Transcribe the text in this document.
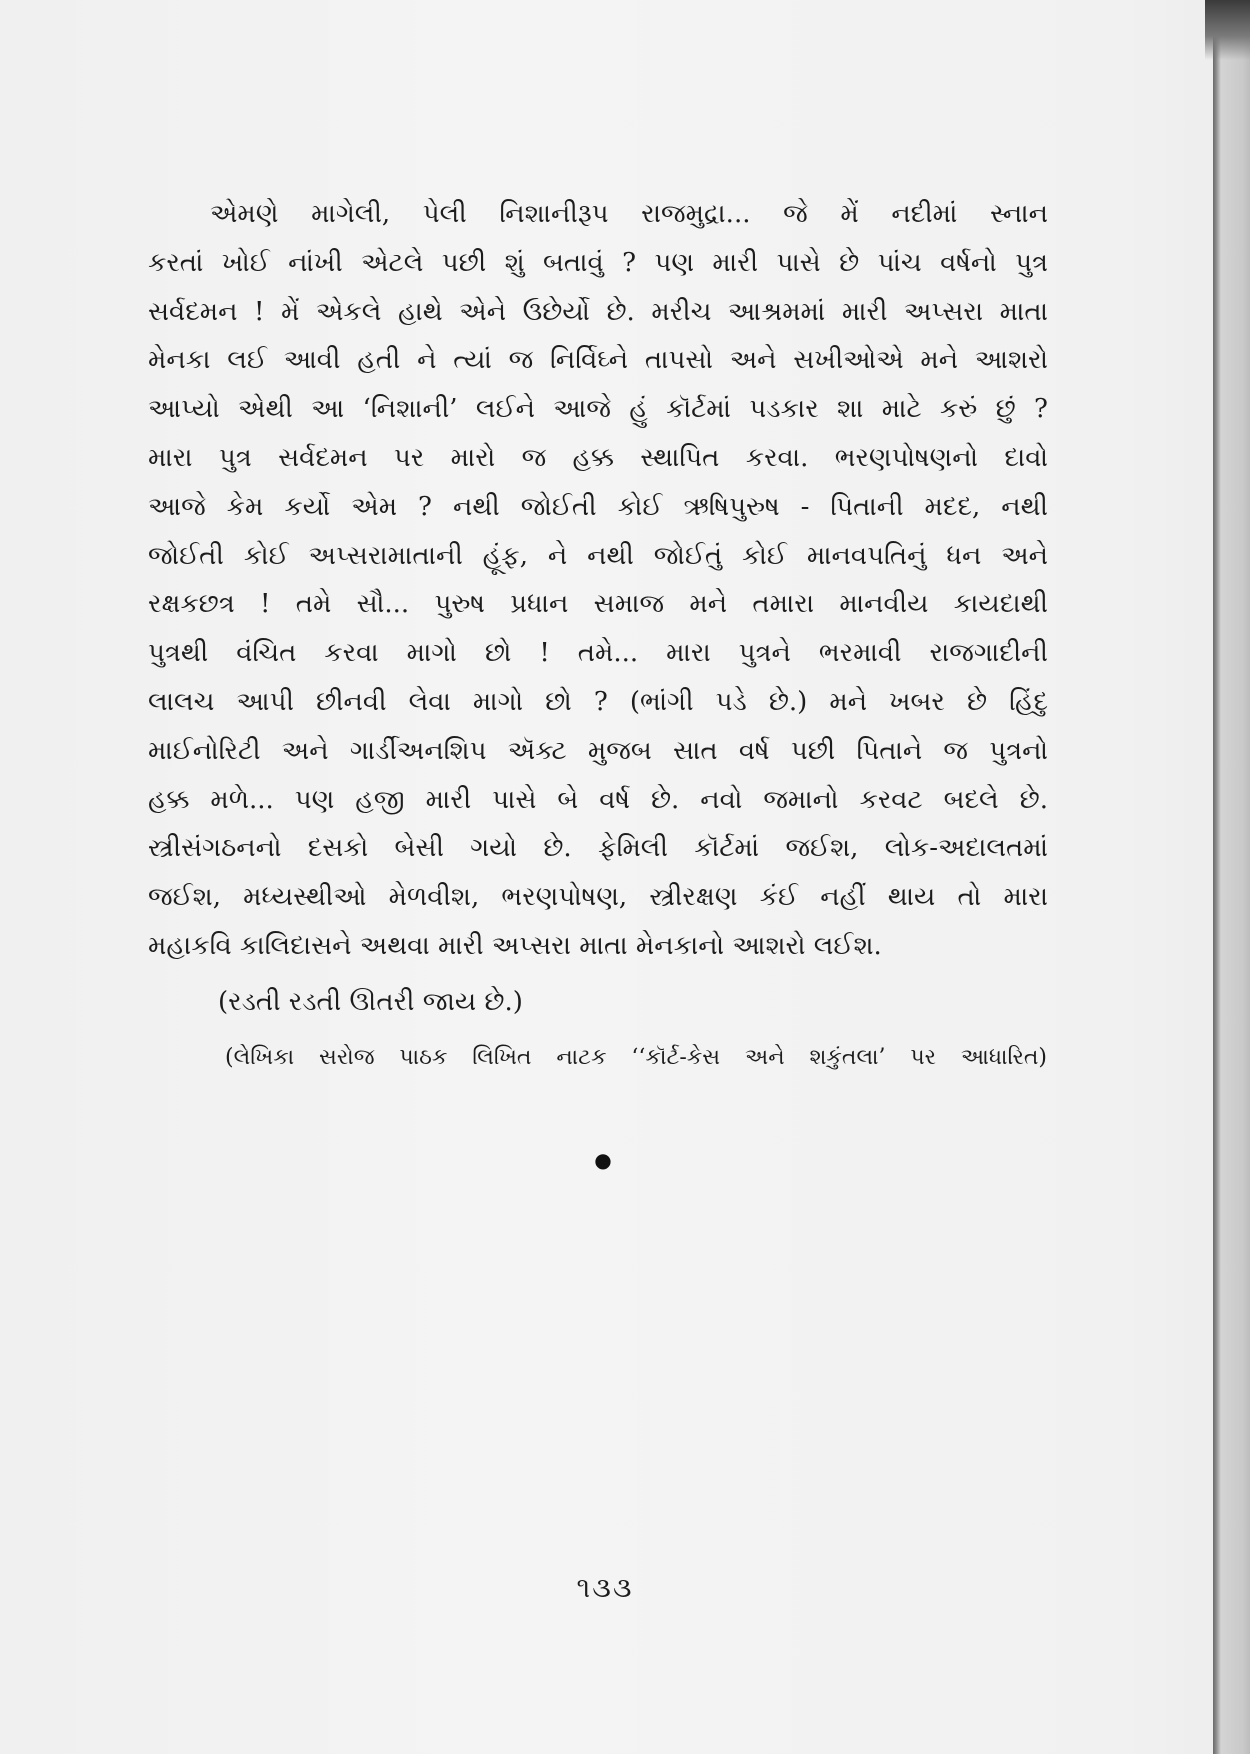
એમણે માગેલી, પેલી નિશાનીરૂપ રાજમુદ્રા... જે મેં નદીમાં સ્નાન
કરતાં ખોઈ નાંખી એટલે પછી શું બતાવું ? પણ મારી પાસે છે પાંચ વર્ષનો પુત્ર
સર્વદમન ! મેં એકલે હાથે એને ઉછેર્યો છે. મરીચ આશ્રમમાં મારી અપ્સરા માતા
મેનકા લઈ આવી હતી ને ત્યાં જ નિર્વિઘ્ને તાપસો અને સખીઓએ મને આશરો
આપ્યો એથી આ ‘નિશાની’ લઈને આજે હું કૉર્ટમાં પડકાર શા માટે કરું છું ?
મારા પુત્ર સર્વદમન પર મારો જ હક્ક સ્થાપિત કરવા. ભરણપોષણનો દાવો
આજે કેમ કર્યો એમ ? નથી જોઈતી કોઈ ઋષિપુરુષ - પિતાની મદદ, નથી
જોઈતી કોઈ અપ્સરામાતાની હૂંફ, ને નથી જોઈતું કોઈ માનવપતિનું ધન અને
રક્ષકછત્ર ! તમે સૌ... પુરુષ પ્રધાન સમાજ મને તમારા માનવીય કાયદાથી
પુત્રથી વંચિત કરવા માગો છો ! તમે... મારા પુત્રને ભરમાવી રાજગાદીની
લાલચ આપી છીનવી લેવા માગો છો ? (ભાંગી પડે છે.) મને ખબર છે હિંદુ
માઈનોરિટી અને ગાર્ડીઅનશિપ ઍક્ટ મુજબ સાત વર્ષ પછી પિતાને જ પુત્રનો
હક્ક મળે... પણ હજી મારી પાસે બે વર્ષ છે. નવો જમાનો કરવટ બદલે છે.
સ્ત્રીસંગઠનનો દસકો બેસી ગયો છે. ફેમિલી કૉર્ટમાં જઈશ, લોક-અદાલતમાં
જઈશ, મધ્યસ્થીઓ મેળવીશ, ભરણપોષણ, સ્ત્રીરક્ષણ કંઈ નહીં થાય તો મારા
મહાકવિ કાલિદાસને અથવા મારી અપ્સરા માતા મેનકાનો આશરો લઈશ.
(રડતી રડતી ઊતરી જાય છે.)
(લેખિકા સરોજ પાઠક લિખિત નાટક ‘‘કૉર્ટ-કેસ અને શકુંતલા’ પર આધારિત)
●
૧૩૩
